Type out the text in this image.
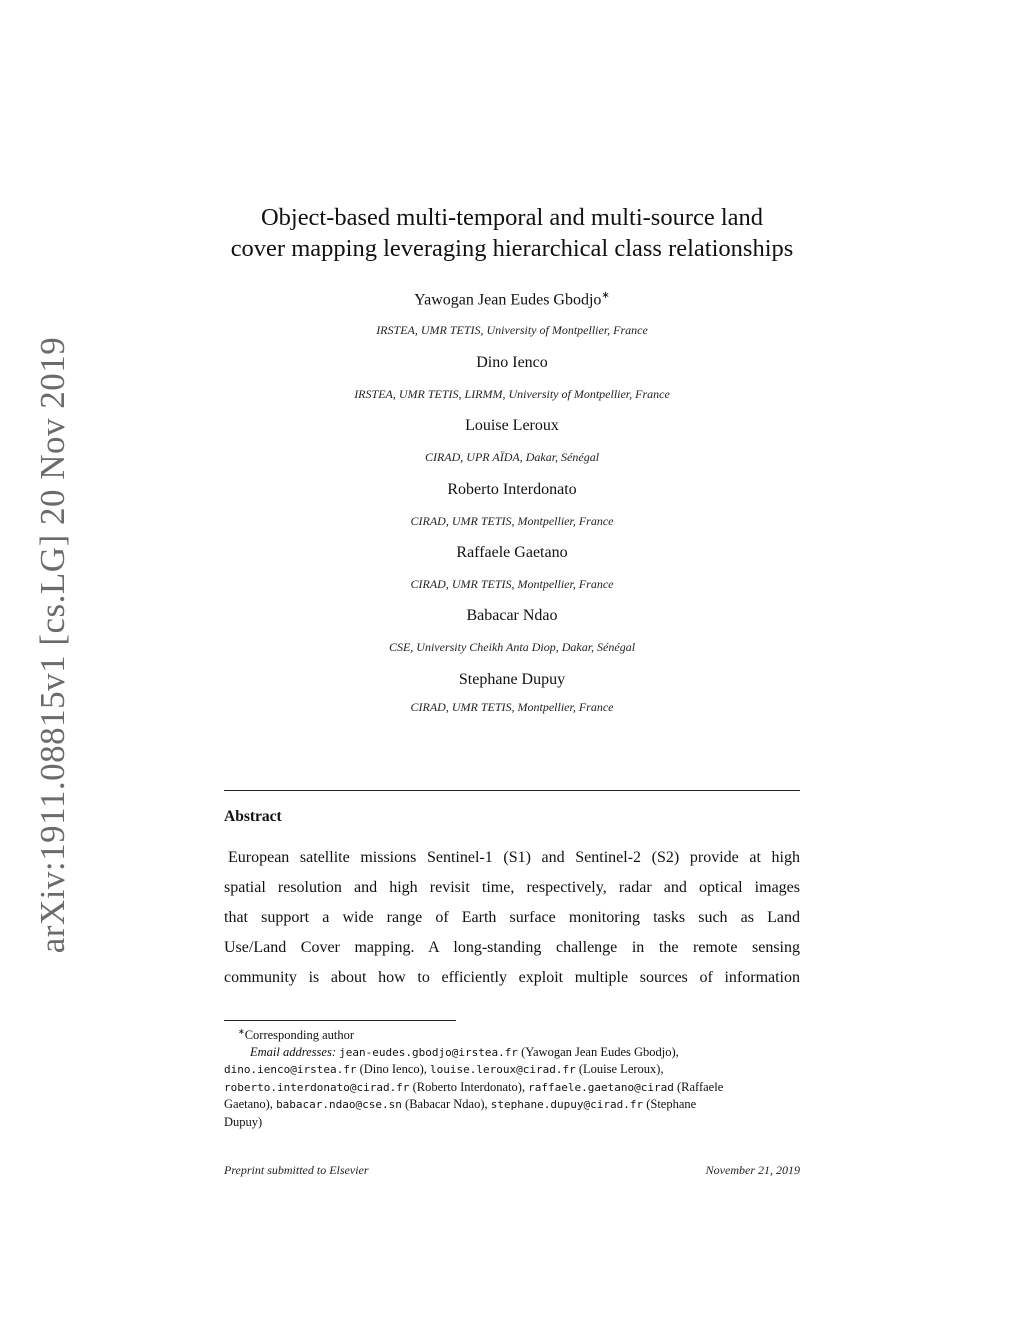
arXiv:1911.08815v1 [cs.LG] 20 Nov 2019
Object-based multi-temporal and multi-source land
cover mapping leveraging hierarchical class relationships
Yawogan Jean Eudes Gbodjo∗
IRSTEA, UMR TETIS, University of Montpellier, France
Dino Ienco
IRSTEA, UMR TETIS, LIRMM, University of Montpellier, France
Louise Leroux
CIRAD, UPR AÏDA, Dakar, Sénégal
Roberto Interdonato
CIRAD, UMR TETIS, Montpellier, France
Raffaele Gaetano
CIRAD, UMR TETIS, Montpellier, France
Babacar Ndao
CSE, University Cheikh Anta Diop, Dakar, Sénégal
Stephane Dupuy
CIRAD, UMR TETIS, Montpellier, France
Abstract
European satellite missions Sentinel-1 (S1) and Sentinel-2 (S2) provide at high
spatial resolution and high revisit time, respectively, radar and optical images
that support a wide range of Earth surface monitoring tasks such as Land
Use/Land Cover mapping. A long-standing challenge in the remote sensing
community is about how to efficiently exploit multiple sources of information
∗Corresponding author
Email addresses: jean-eudes.gbodjo@irstea.fr (Yawogan Jean Eudes Gbodjo),
dino.ienco@irstea.fr (Dino Ienco), louise.leroux@cirad.fr (Louise Leroux),
roberto.interdonato@cirad.fr (Roberto Interdonato), raffaele.gaetano@cirad (Raffaele
Gaetano), babacar.ndao@cse.sn (Babacar Ndao), stephane.dupuy@cirad.fr (Stephane
Dupuy)
Preprint submitted to Elsevier	November 21, 2019
